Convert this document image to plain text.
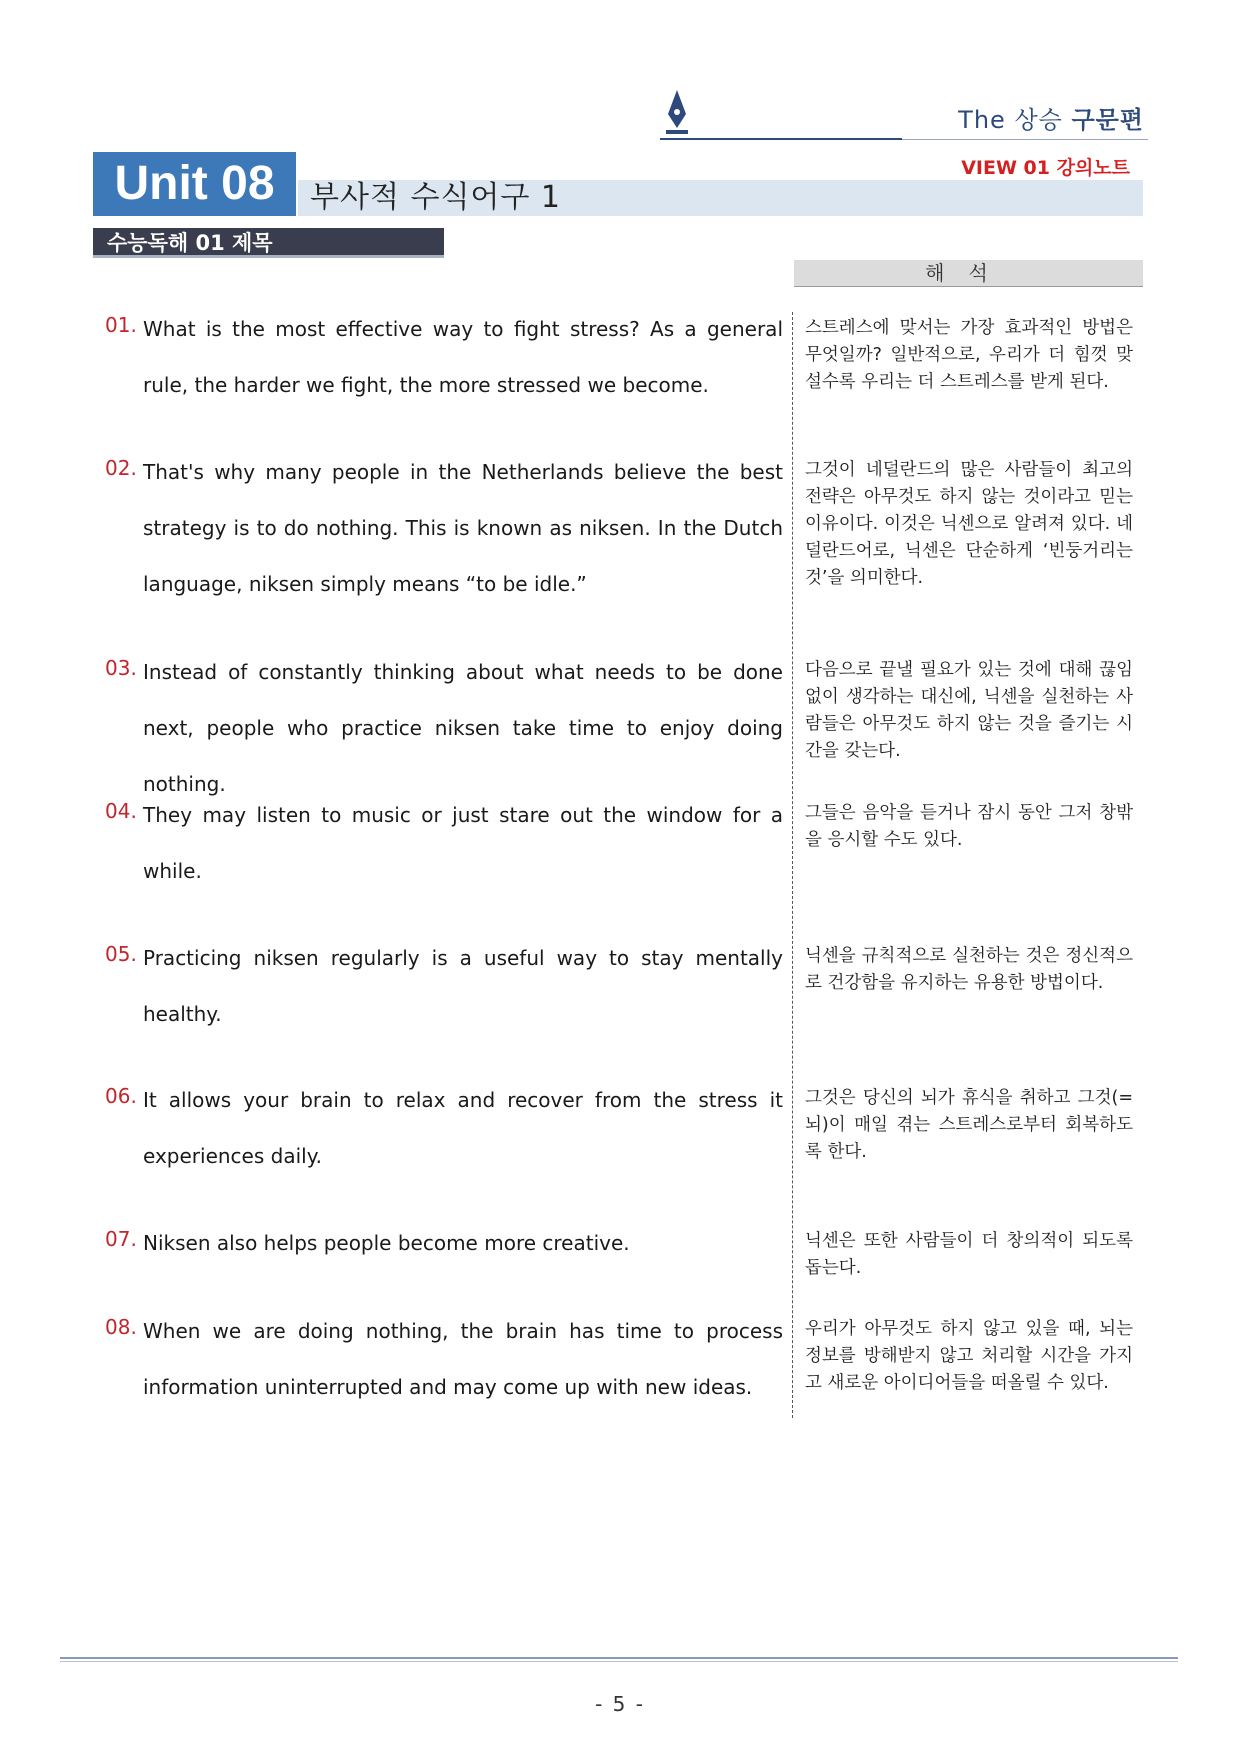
The 상승 구문편
VIEW 01 강의노트
Unit 08	부사적 수식어구 1
수능독해 01 제목
해석
01. What is the most effective way to fight stress? As a general rule, the harder we fight, the more stressed we become.
스트레스에 맞서는 가장 효과적인 방법은 무엇일까? 일반적으로, 우리가 더 힘껏 맞설수록 우리는 더 스트레스를 받게 된다.
02. That's why many people in the Netherlands believe the best strategy is to do nothing. This is known as niksen. In the Dutch language, niksen simply means “to be idle.”
그것이 네덜란드의 많은 사람들이 최고의 전략은 아무것도 하지 않는 것이라고 믿는 이유이다. 이것은 닉센으로 알려져 있다. 네덜란드어로, 닉센은 단순하게 ‘빈둥거리는 것’을 의미한다.
03. Instead of constantly thinking about what needs to be done next, people who practice niksen take time to enjoy doing nothing.
다음으로 끝낼 필요가 있는 것에 대해 끊임없이 생각하는 대신에, 닉센을 실천하는 사람들은 아무것도 하지 않는 것을 즐기는 시간을 갖는다.
04. They may listen to music or just stare out the window for a while.
그들은 음악을 듣거나 잠시 동안 그저 창밖을 응시할 수도 있다.
05. Practicing niksen regularly is a useful way to stay mentally healthy.
닉센을 규칙적으로 실천하는 것은 정신적으로 건강함을 유지하는 유용한 방법이다.
06. It allows your brain to relax and recover from the stress it experiences daily.
그것은 당신의 뇌가 휴식을 취하고 그것(=뇌)이 매일 겪는 스트레스로부터 회복하도록 한다.
07. Niksen also helps people become more creative.	닉센은 또한 사람들이 더 창의적이 되도록 돕는다.
08. When we are doing nothing, the brain has time to process information uninterrupted and may come up with new ideas.
우리가 아무것도 하지 않고 있을 때, 뇌는 정보를 방해받지 않고 처리할 시간을 가지고 새로운 아이디어들을 떠올릴 수 있다.
- 5 -
